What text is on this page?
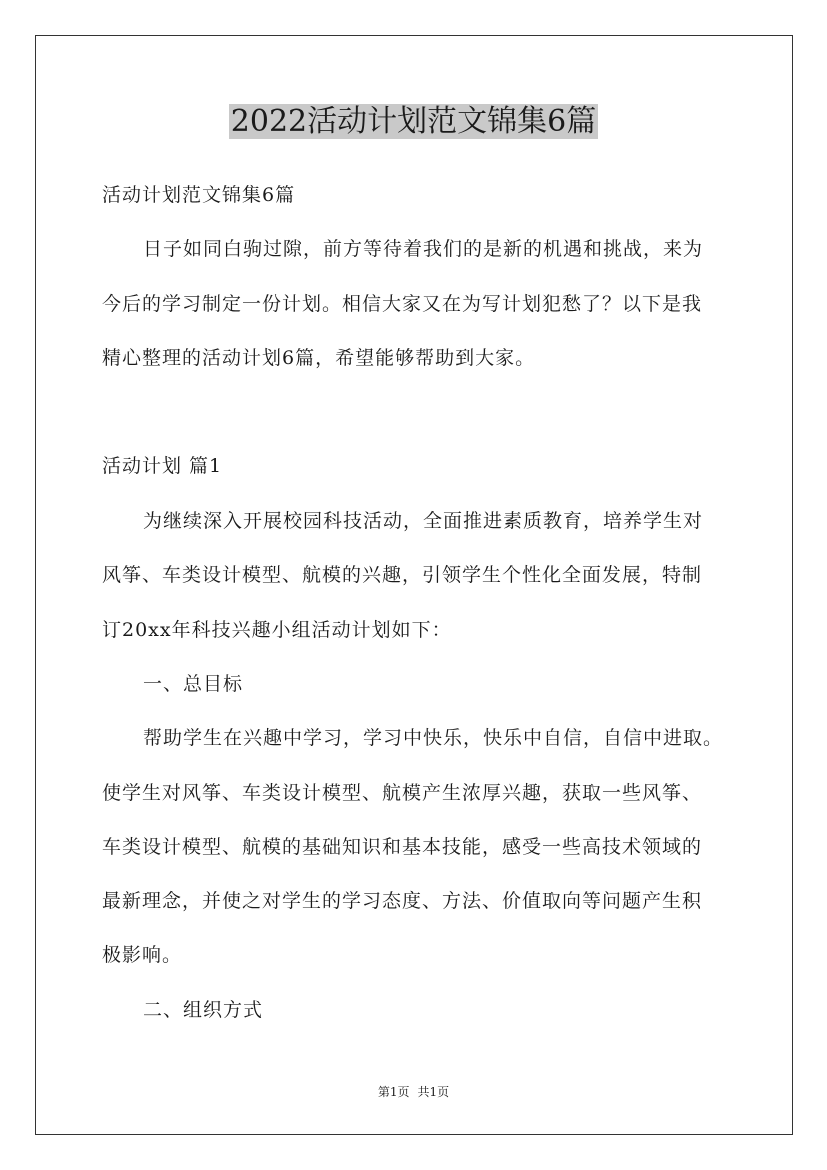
2022活动计划范文锦集6篇
活动计划范文锦集6篇
日子如同白驹过隙，前方等待着我们的是新的机遇和挑战，来为
今后的学习制定一份计划。相信大家又在为写计划犯愁了？以下是我
精心整理的活动计划6篇，希望能够帮助到大家。
活动计划 篇1
为继续深入开展校园科技活动，全面推进素质教育，培养学生对
风筝、车类设计模型、航模的兴趣，引领学生个性化全面发展，特制
订20xx年科技兴趣小组活动计划如下：
一、总目标
帮助学生在兴趣中学习，学习中快乐，快乐中自信，自信中进取。
使学生对风筝、车类设计模型、航模产生浓厚兴趣，获取一些风筝、
车类设计模型、航模的基础知识和基本技能，感受一些高技术领域的
最新理念，并使之对学生的学习态度、方法、价值取向等问题产生积
极影响。
二、组织方式
第1页 共1页
